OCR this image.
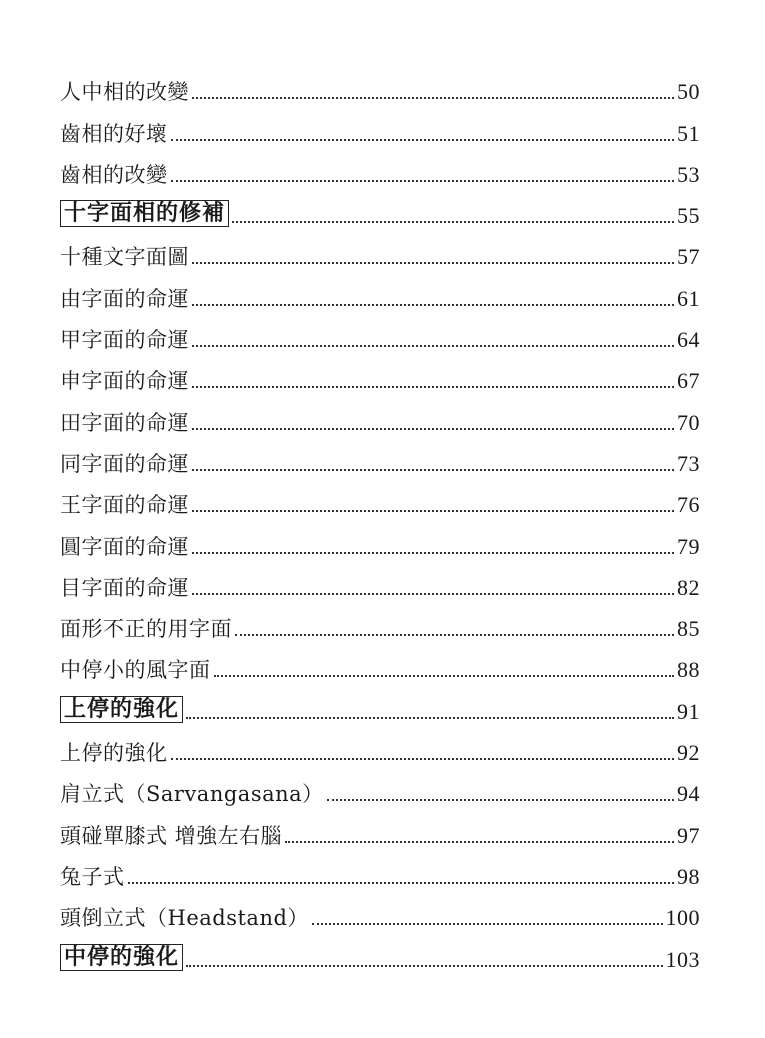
人中相的改變	50
齒相的好壞	51
齒相的改變	53
十字面相的修補	55
十種文字面圖	57
由字面的命運	61
甲字面的命運	64
申字面的命運	67
田字面的命運	70
同字面的命運	73
王字面的命運	76
圓字面的命運	79
目字面的命運	82
面形不正的用字面	85
中停小的風字面	88
上停的強化	91
上停的強化	92
肩立式（Sarvangasana）	94
頭碰單膝式 增強左右腦	97
兔子式	98
頭倒立式（Headstand）	100
中停的強化	103
